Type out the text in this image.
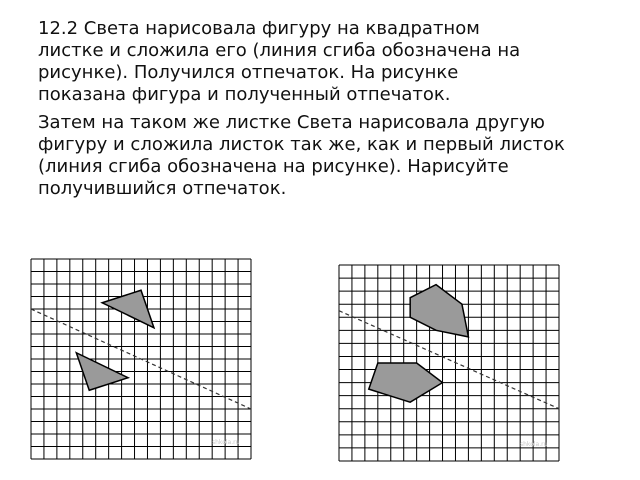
12.2 Света нарисовала фигуру на квадратном листке и сложила его (линия сгиба обозначена на рисунке). Получился отпечаток. На рисунке показана фигура и полученный отпечаток.

Затем на таком же листке Света нарисовала другую фигуру и сложила листок так же, как и первый листок (линия сгиба обозначена на рисунке). Нарисуйте получившийся отпечаток.

shkola.ru	shkola.ru
